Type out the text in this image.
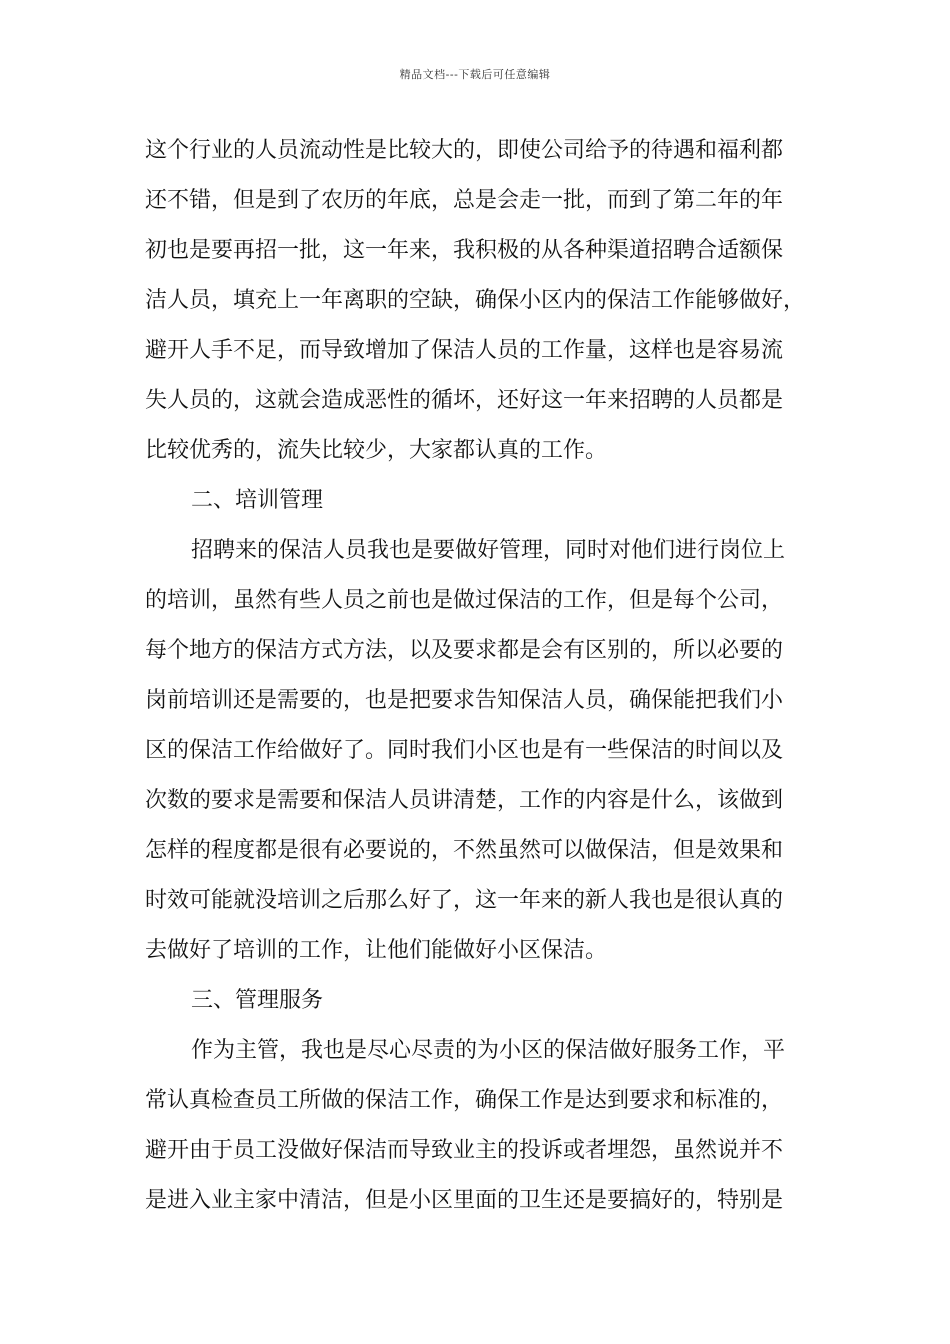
精品文档---下载后可任意编辑
这个行业的人员流动性是比较大的，即使公司给予的待遇和福利都
还不错，但是到了农历的年底，总是会走一批，而到了第二年的年
初也是要再招一批，这一年来，我积极的从各种渠道招聘合适额保
洁人员，填充上一年离职的空缺，确保小区内的保洁工作能够做好，
避开人手不足，而导致增加了保洁人员的工作量，这样也是容易流
失人员的，这就会造成恶性的循坏，还好这一年来招聘的人员都是
比较优秀的，流失比较少，大家都认真的工作。
二、培训管理
招聘来的保洁人员我也是要做好管理，同时对他们进行岗位上
的培训，虽然有些人员之前也是做过保洁的工作，但是每个公司，
每个地方的保洁方式方法，以及要求都是会有区别的，所以必要的
岗前培训还是需要的，也是把要求告知保洁人员，确保能把我们小
区的保洁工作给做好了。同时我们小区也是有一些保洁的时间以及
次数的要求是需要和保洁人员讲清楚，工作的内容是什么，该做到
怎样的程度都是很有必要说的，不然虽然可以做保洁，但是效果和
时效可能就没培训之后那么好了，这一年来的新人我也是很认真的
去做好了培训的工作，让他们能做好小区保洁。
三、管理服务
作为主管，我也是尽心尽责的为小区的保洁做好服务工作，平
常认真检查员工所做的保洁工作，确保工作是达到要求和标准的，
避开由于员工没做好保洁而导致业主的投诉或者埋怨，虽然说并不
是进入业主家中清洁，但是小区里面的卫生还是要搞好的，特别是
